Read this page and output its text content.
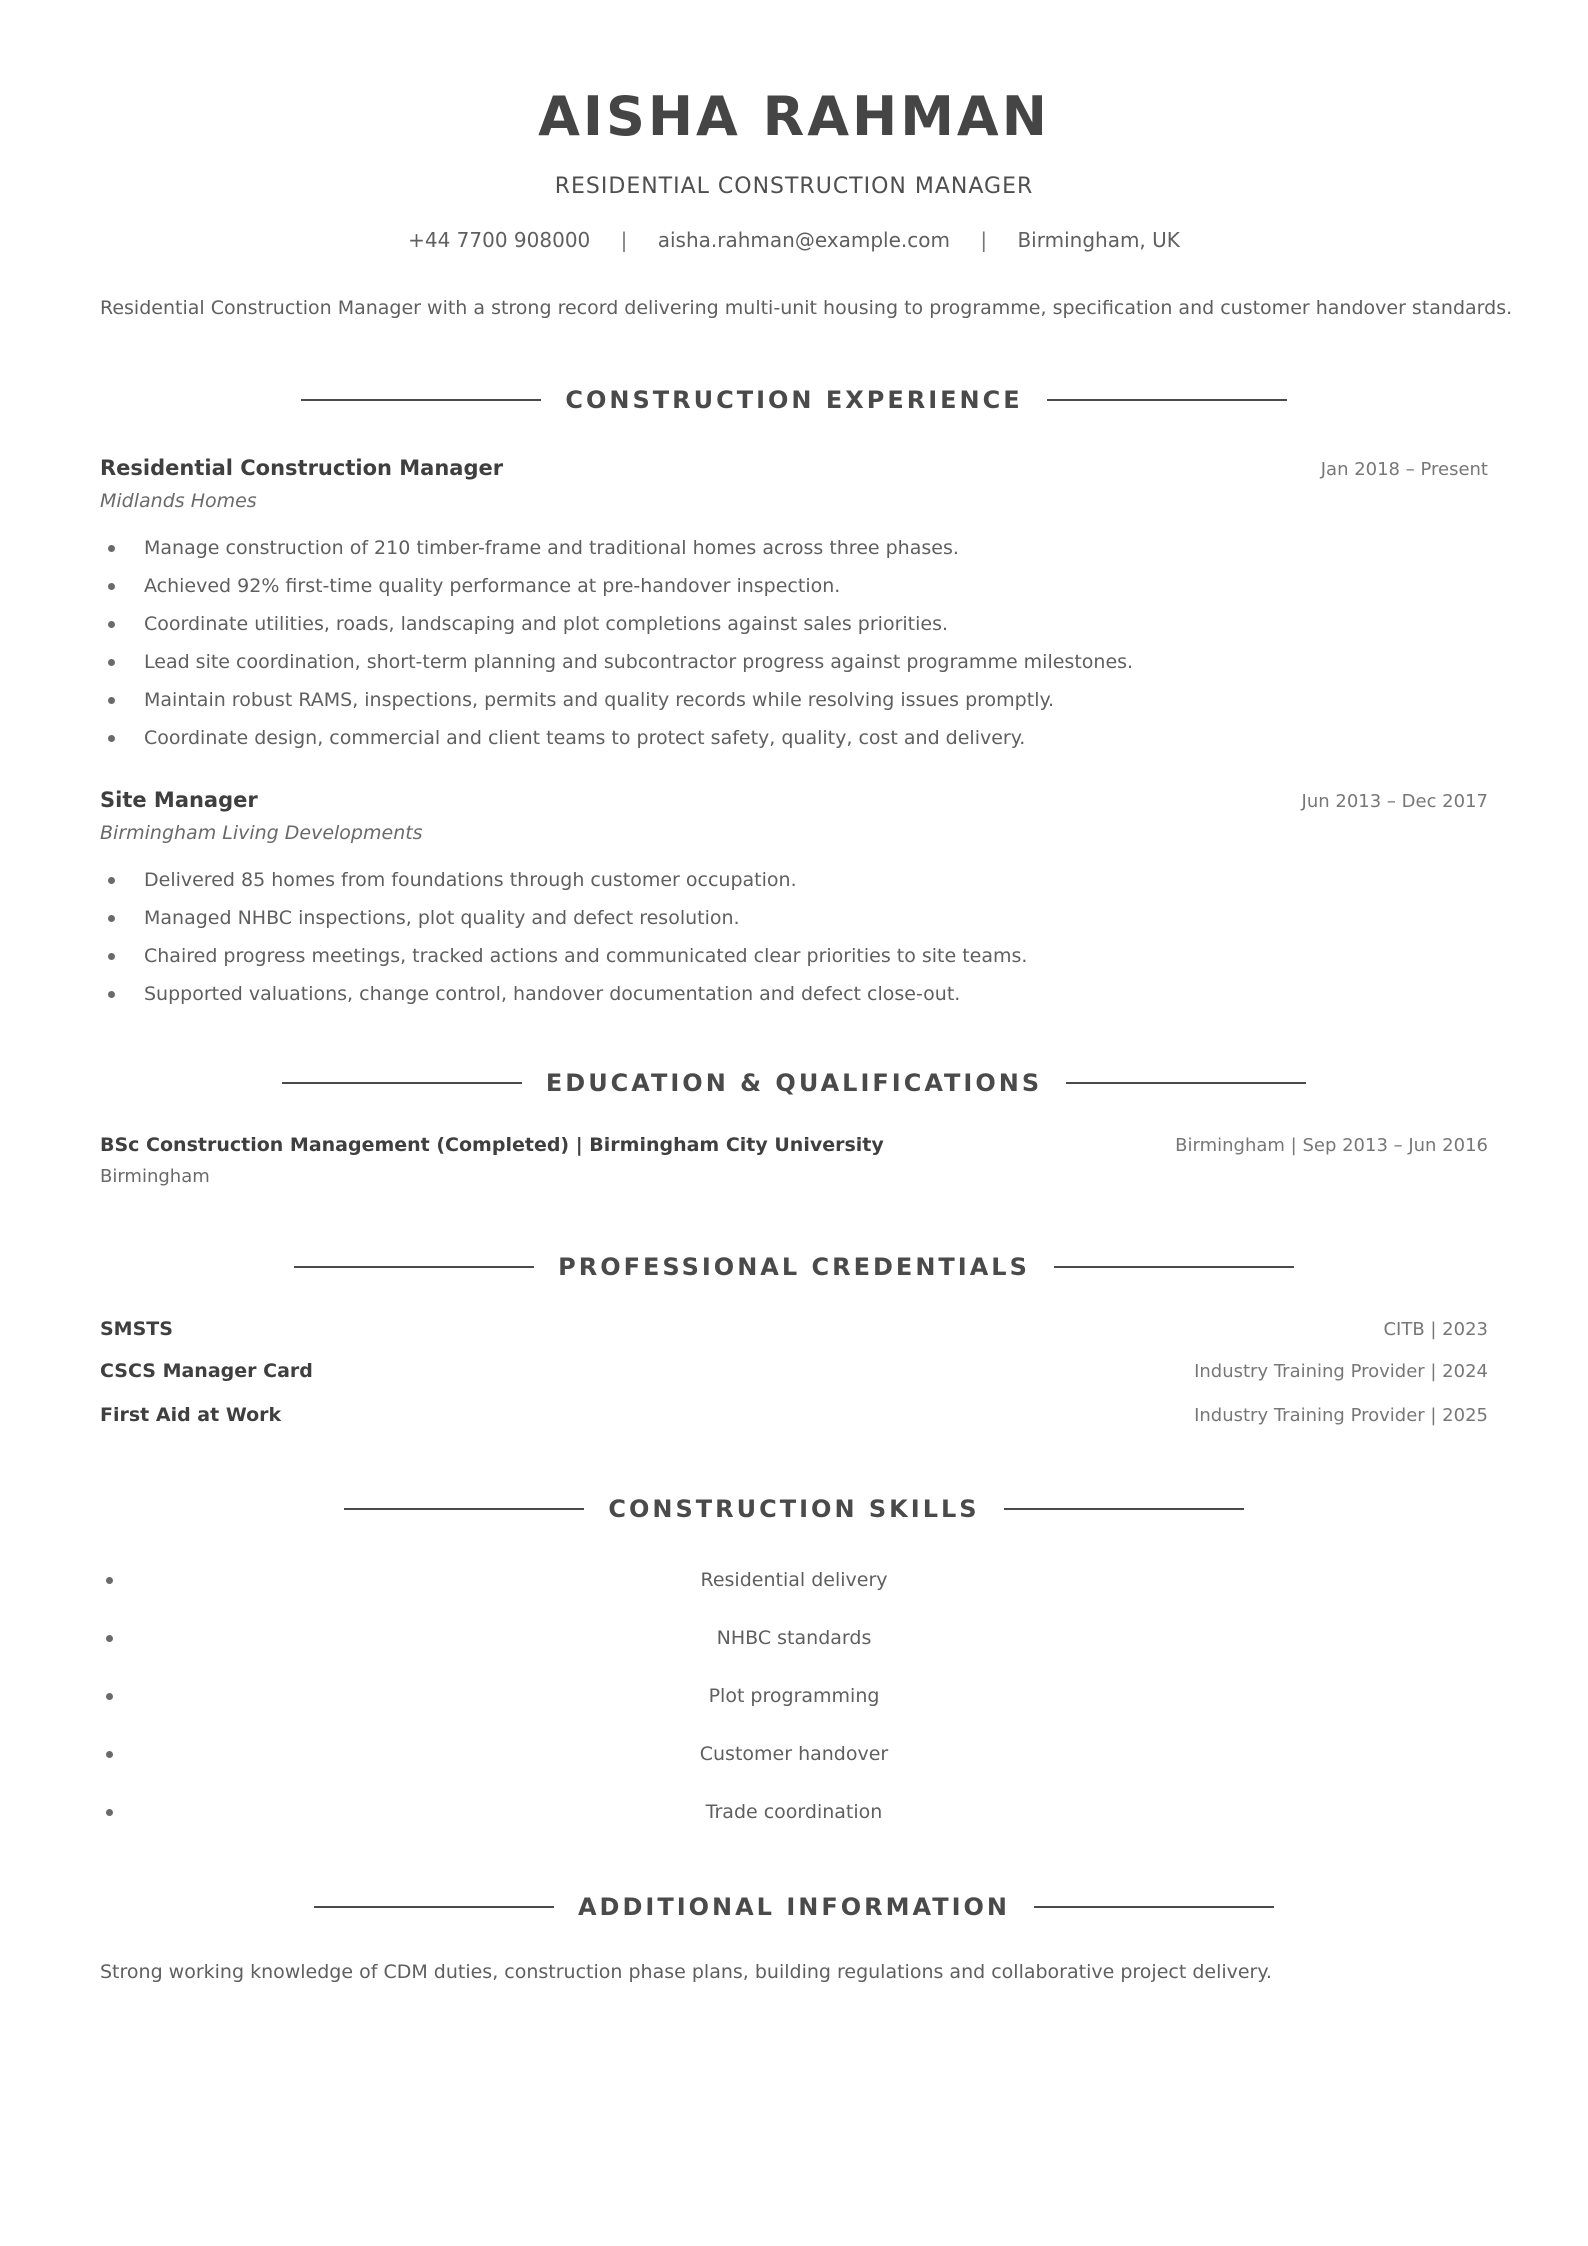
AISHA RAHMAN
RESIDENTIAL CONSTRUCTION MANAGER
+44 7700 908000 | aisha.rahman@example.com | Birmingham, UK
Residential Construction Manager with a strong record delivering multi-unit housing to programme, specification and customer handover standards.
CONSTRUCTION EXPERIENCE
Residential Construction Manager	Jan 2018 – Present
Midlands Homes
Manage construction of 210 timber-frame and traditional homes across three phases.
Achieved 92% first-time quality performance at pre-handover inspection.
Coordinate utilities, roads, landscaping and plot completions against sales priorities.
Lead site coordination, short-term planning and subcontractor progress against programme milestones.
Maintain robust RAMS, inspections, permits and quality records while resolving issues promptly.
Coordinate design, commercial and client teams to protect safety, quality, cost and delivery.
Site Manager	Jun 2013 – Dec 2017
Birmingham Living Developments
Delivered 85 homes from foundations through customer occupation.
Managed NHBC inspections, plot quality and defect resolution.
Chaired progress meetings, tracked actions and communicated clear priorities to site teams.
Supported valuations, change control, handover documentation and defect close-out.
EDUCATION & QUALIFICATIONS
BSc Construction Management (Completed) | Birmingham City University	Birmingham | Sep 2013 – Jun 2016
Birmingham
PROFESSIONAL CREDENTIALS
SMSTS	CITB | 2023
CSCS Manager Card	Industry Training Provider | 2024
First Aid at Work	Industry Training Provider | 2025
CONSTRUCTION SKILLS
Residential delivery
NHBC standards
Plot programming
Customer handover
Trade coordination
ADDITIONAL INFORMATION
Strong working knowledge of CDM duties, construction phase plans, building regulations and collaborative project delivery.
